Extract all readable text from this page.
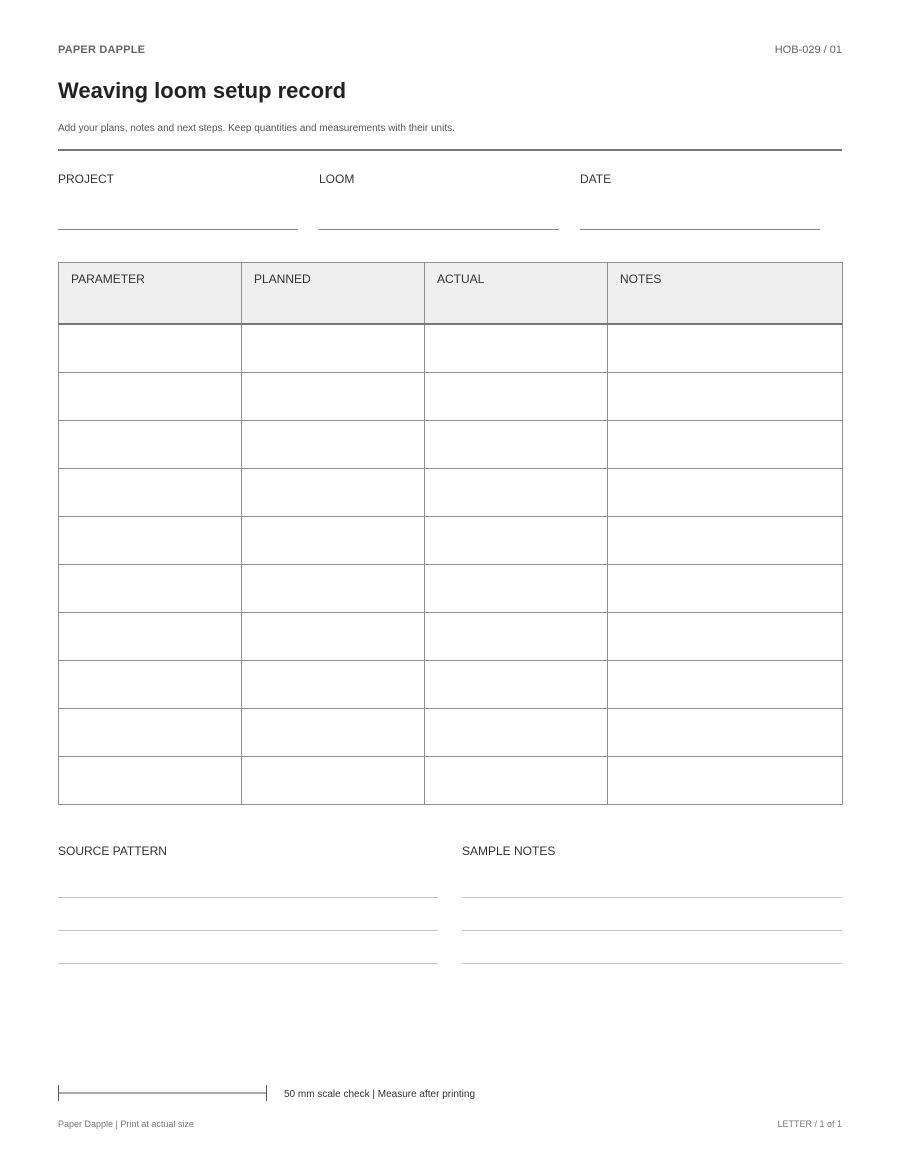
PAPER DAPPLE	HOB-029 / 01
Weaving loom setup record
Add your plans, notes and next steps. Keep quantities and measurements with their units.
PROJECT	LOOM	DATE
PARAMETER	PLANNED	ACTUAL	NOTES

SOURCE PATTERN	SAMPLE NOTES
50 mm scale check | Measure after printing
Paper Dapple | Print at actual size	LETTER / 1 of 1
